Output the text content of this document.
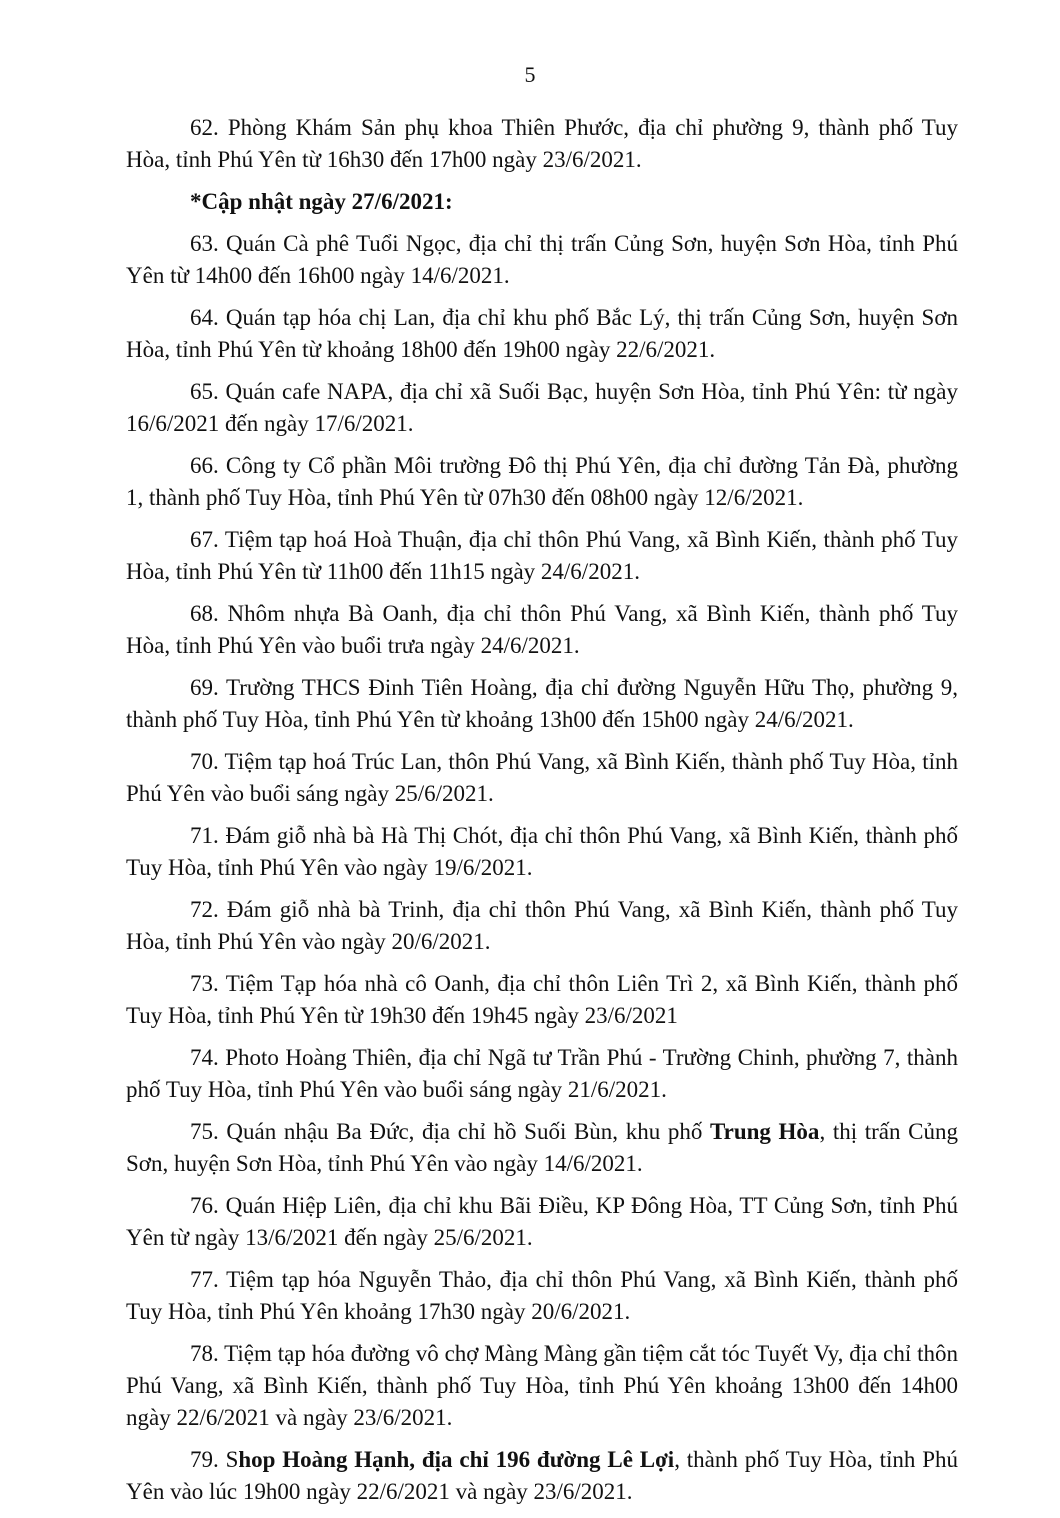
5

62. Phòng Khám Sản phụ khoa Thiên Phước, địa chỉ phường 9, thành phố Tuy Hòa, tỉnh Phú Yên từ 16h30 đến 17h00 ngày 23/6/2021.

*Cập nhật ngày 27/6/2021:

63. Quán Cà phê Tuổi Ngọc, địa chỉ thị trấn Củng Sơn, huyện Sơn Hòa, tỉnh Phú Yên từ 14h00 đến 16h00 ngày 14/6/2021.

64. Quán tạp hóa chị Lan, địa chỉ khu phố Bắc Lý, thị trấn Củng Sơn, huyện Sơn Hòa, tỉnh Phú Yên từ khoảng 18h00 đến 19h00 ngày 22/6/2021.

65. Quán cafe NAPA, địa chỉ xã Suối Bạc, huyện Sơn Hòa, tỉnh Phú Yên: từ ngày 16/6/2021 đến ngày 17/6/2021.

66. Công ty Cổ phần Môi trường Đô thị Phú Yên, địa chỉ đường Tản Đà, phường 1, thành phố Tuy Hòa, tỉnh Phú Yên từ 07h30 đến 08h00 ngày 12/6/2021.

67. Tiệm tạp hoá Hoà Thuận, địa chỉ thôn Phú Vang, xã Bình Kiến, thành phố Tuy Hòa, tỉnh Phú Yên từ 11h00 đến 11h15 ngày 24/6/2021.

68. Nhôm nhựa Bà Oanh, địa chỉ thôn Phú Vang, xã Bình Kiến, thành phố Tuy Hòa, tỉnh Phú Yên vào buổi trưa ngày 24/6/2021.

69. Trường THCS Đinh Tiên Hoàng, địa chỉ đường Nguyễn Hữu Thọ, phường 9, thành phố Tuy Hòa, tỉnh Phú Yên từ khoảng 13h00 đến 15h00 ngày 24/6/2021.

70. Tiệm tạp hoá Trúc Lan, thôn Phú Vang, xã Bình Kiến, thành phố Tuy Hòa, tỉnh Phú Yên vào buổi sáng ngày 25/6/2021.

71. Đám giỗ nhà bà Hà Thị Chót, địa chỉ thôn Phú Vang, xã Bình Kiến, thành phố Tuy Hòa, tỉnh Phú Yên vào ngày 19/6/2021.

72. Đám giỗ nhà bà Trinh, địa chỉ thôn Phú Vang, xã Bình Kiến, thành phố Tuy Hòa, tỉnh Phú Yên vào ngày 20/6/2021.

73. Tiệm Tạp hóa nhà cô Oanh, địa chỉ thôn Liên Trì 2, xã Bình Kiến, thành phố Tuy Hòa, tỉnh Phú Yên từ 19h30 đến 19h45 ngày 23/6/2021

74. Photo Hoàng Thiên, địa chỉ Ngã tư Trần Phú - Trường Chinh, phường 7, thành phố Tuy Hòa, tỉnh Phú Yên vào buổi sáng ngày 21/6/2021.

75. Quán nhậu Ba Đức, địa chỉ hồ Suối Bùn, khu phố Trung Hòa, thị trấn Củng Sơn, huyện Sơn Hòa, tỉnh Phú Yên vào ngày 14/6/2021.

76. Quán Hiệp Liên, địa chỉ khu Bãi Điều, KP Đông Hòa, TT Củng Sơn, tỉnh Phú Yên từ ngày 13/6/2021 đến ngày 25/6/2021.

77. Tiệm tạp hóa Nguyễn Thảo, địa chỉ thôn Phú Vang, xã Bình Kiến, thành phố Tuy Hòa, tỉnh Phú Yên khoảng 17h30 ngày 20/6/2021.

78. Tiệm tạp hóa đường vô chợ Màng Màng gần tiệm cắt tóc Tuyết Vy, địa chỉ thôn Phú Vang, xã Bình Kiến, thành phố Tuy Hòa, tỉnh Phú Yên khoảng 13h00 đến 14h00 ngày 22/6/2021 và ngày 23/6/2021.

79. Shop Hoàng Hạnh, địa chỉ 196 đường Lê Lợi, thành phố Tuy Hòa, tỉnh Phú Yên vào lúc 19h00 ngày 22/6/2021 và ngày 23/6/2021.
